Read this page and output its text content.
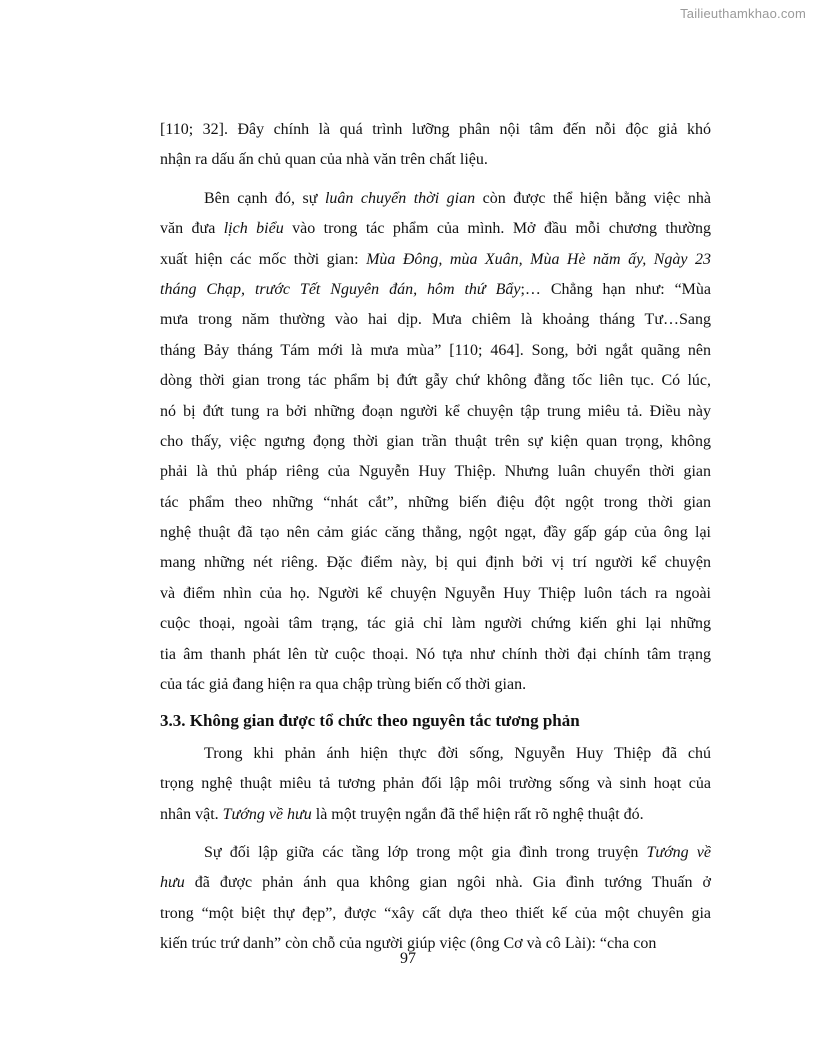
Tailieuthamkhao.com
[110; 32]. Đây chính là quá trình lưỡng phân nội tâm đến nỗi độc giả khó
nhận ra dấu ấn chủ quan của nhà văn trên chất liệu.
Bên cạnh đó, sự luân chuyển thời gian còn được thể hiện bằng việc nhà
văn đưa lịch biểu vào trong tác phẩm của mình. Mở đầu mỗi chương thường
xuất hiện các mốc thời gian: Mùa Đông, mùa Xuân, Mùa Hè năm ấy, Ngày 23
tháng Chạp, trước Tết Nguyên đán, hôm thứ Bẩy;… Chẳng hạn như: “Mùa
mưa trong năm thường vào hai dịp. Mưa chiêm là khoảng tháng Tư…Sang
tháng Bảy tháng Tám mới là mưa mùa” [110; 464]. Song, bởi ngắt quãng nên
dòng thời gian trong tác phẩm bị đứt gẫy chứ không đằng tốc liên tục. Có lúc,
nó bị đứt tung ra bởi những đoạn người kể chuyện tập trung miêu tả. Điều này
cho thấy, việc ngưng đọng thời gian trần thuật trên sự kiện quan trọng, không
phải là thủ pháp riêng của Nguyễn Huy Thiệp. Nhưng luân chuyển thời gian
tác phẩm theo những “nhát cắt”, những biến điệu đột ngột trong thời gian
nghệ thuật đã tạo nên cảm giác căng thẳng, ngột ngạt, đầy gấp gáp của ông lại
mang những nét riêng. Đặc điểm này, bị qui định bởi vị trí người kể chuyện
và điểm nhìn của họ. Người kể chuyện Nguyễn Huy Thiệp luôn tách ra ngoài
cuộc thoại, ngoài tâm trạng, tác giả chỉ làm người chứng kiến ghi lại những
tia âm thanh phát lên từ cuộc thoại. Nó tựa như chính thời đại chính tâm trạng
của tác giả đang hiện ra qua chập trùng biến cố thời gian.
3.3. Không gian được tổ chức theo nguyên tắc tương phản
Trong khi phản ánh hiện thực đời sống, Nguyễn Huy Thiệp đã chú
trọng nghệ thuật miêu tả tương phản đối lập môi trường sống và sinh hoạt của
nhân vật. Tướng về hưu là một truyện ngắn đã thể hiện rất rõ nghệ thuật đó.
Sự đối lập giữa các tầng lớp trong một gia đình trong truyện Tướng về
hưu đã được phản ánh qua không gian ngôi nhà. Gia đình tướng Thuấn ở
trong “một biệt thự đẹp”, được “xây cất dựa theo thiết kế của một chuyên gia
kiến trúc trứ danh” còn chỗ của người giúp việc (ông Cơ và cô Lài): “cha con
97
